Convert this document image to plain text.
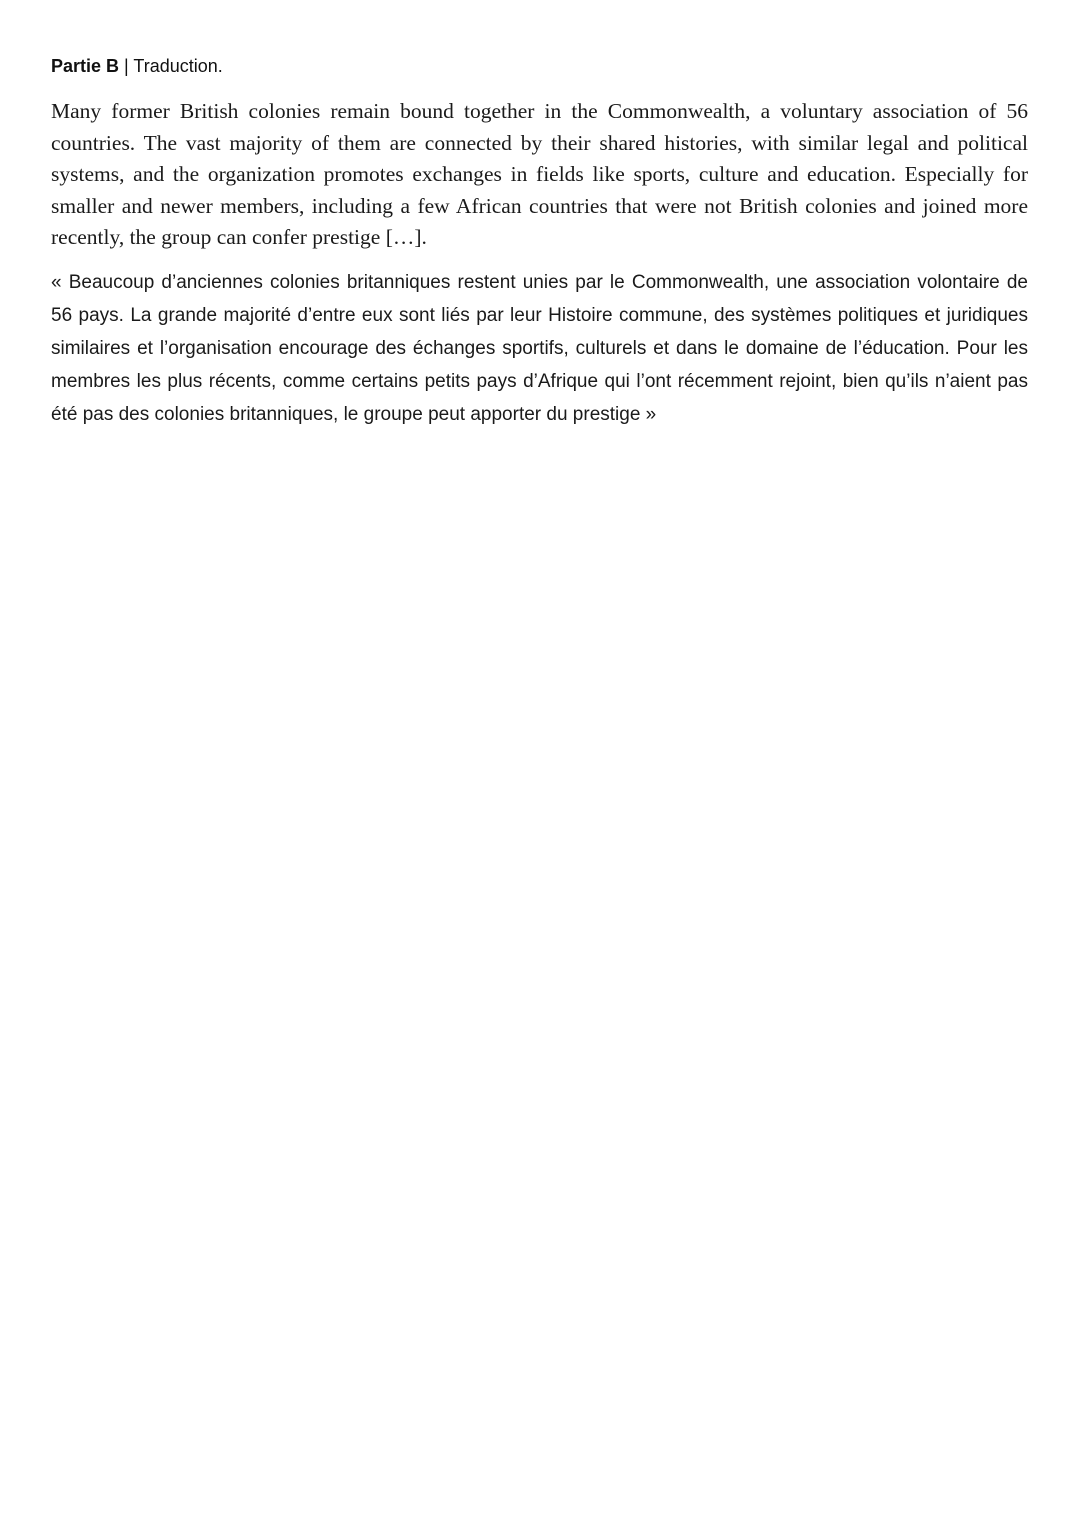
Partie B | Traduction.

Many former British colonies remain bound together in the Commonwealth, a voluntary association of 56 countries. The vast majority of them are connected by their shared histories, with similar legal and political systems, and the organization promotes exchanges in fields like sports, culture and education. Especially for smaller and newer members, including a few African countries that were not British colonies and joined more recently, the group can confer prestige […].

« Beaucoup d’anciennes colonies britanniques restent unies par le Commonwealth, une association volontaire de 56 pays. La grande majorité d’entre eux sont liés par leur Histoire commune, des systèmes politiques et juridiques similaires et l’organisation encourage des échanges sportifs, culturels et dans le domaine de l’éducation. Pour les membres les plus récents, comme certains petits pays d’Afrique qui l’ont récemment rejoint, bien qu’ils n’aient pas été pas des colonies britanniques, le groupe peut apporter du prestige »
